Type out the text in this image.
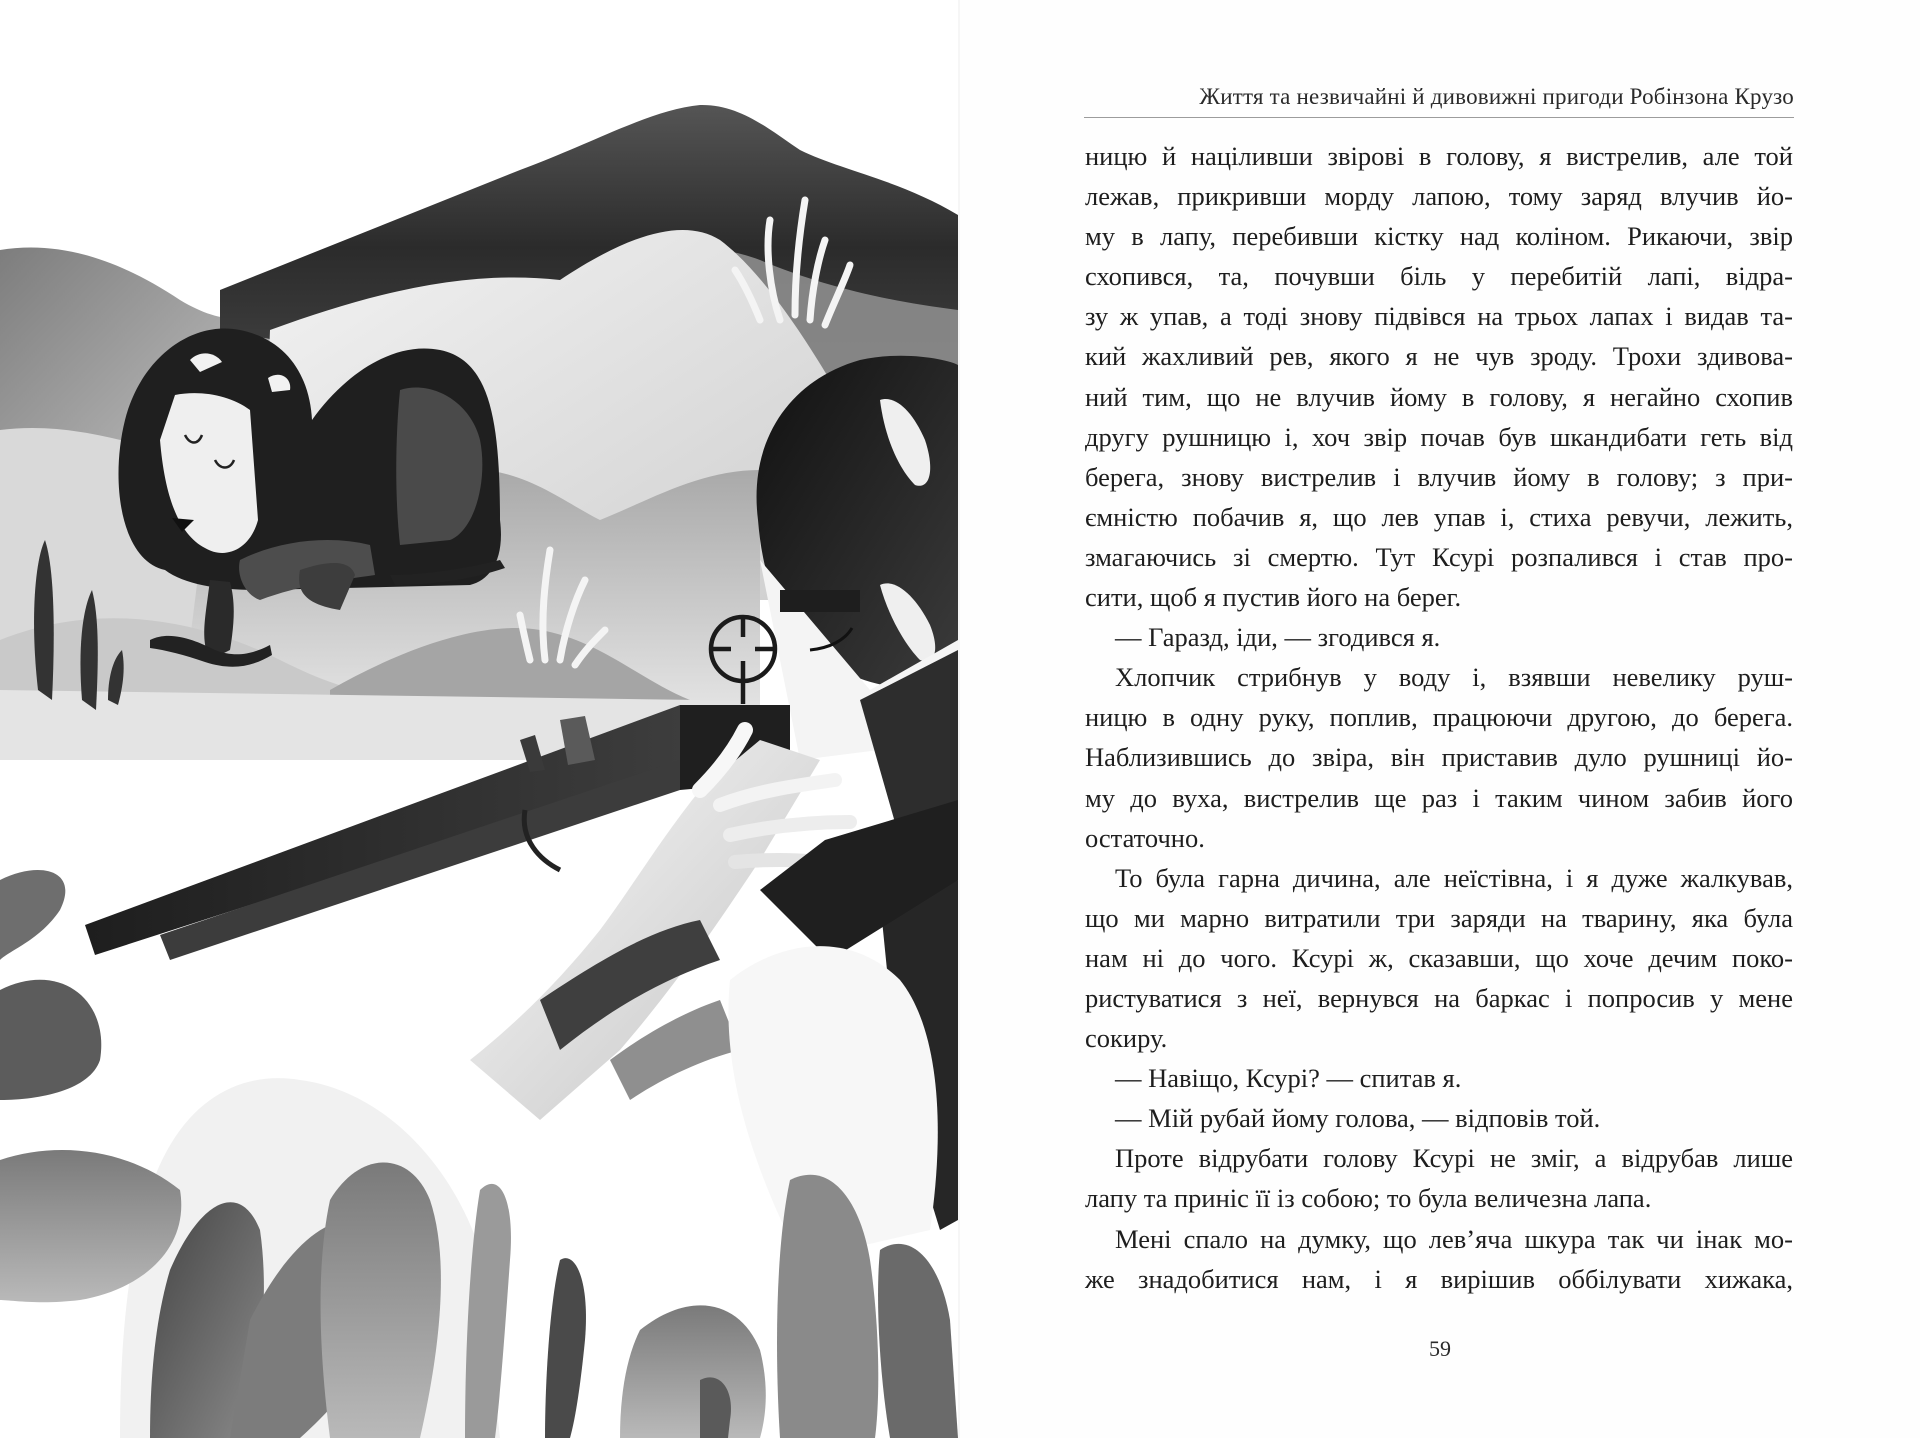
Життя та незвичайні й дивовижні пригоди Робінзона Крузо
ницю й націливши звірові в голову, я вистрелив, але той
лежав, прикривши морду лапою, тому заряд влучив йо-
му в лапу, перебивши кістку над коліном. Рикаючи, звір
схопився, та, почувши біль у перебитій лапі, відра-
зу ж упав, а тоді знову підвівся на трьох лапах і видав та-
кий жахливий рев, якого я не чув зроду. Трохи здивова-
ний тим, що не влучив йому в голову, я негайно схопив
другу рушницю і, хоч звір почав був шкандибати геть від
берега, знову вистрелив і влучив йому в голову; з при-
ємністю побачив я, що лев упав і, стиха ревучи, лежить,
змагаючись зі смертю. Тут Ксурі розпалився і став про-
сити, щоб я пустив його на берег.
— Гаразд, іди, — згодився я.
Хлопчик стрибнув у воду і, взявши невелику руш-
ницю в одну руку, поплив, працюючи другою, до берега.
Наблизившись до звіра, він приставив дуло рушниці йо-
му до вуха, вистрелив ще раз і таким чином забив його
остаточно.
То була гарна дичина, але неїстівна, і я дуже жалкував,
що ми марно витратили три заряди на тварину, яка була
нам ні до чого. Ксурі ж, сказавши, що хоче дечим поко-
ристуватися з неї, вернувся на баркас і попросив у мене
сокиру.
— Навіщо, Ксурі? — спитав я.
— Мій рубай йому голова, — відповів той.
Проте відрубати голову Ксурі не зміг, а відрубав лише
лапу та приніс її із собою; то була величезна лапа.
Мені спало на думку, що лев’яча шкура так чи інак мо-
же знадобитися нам, і я вирішив оббілувати хижака,
59
